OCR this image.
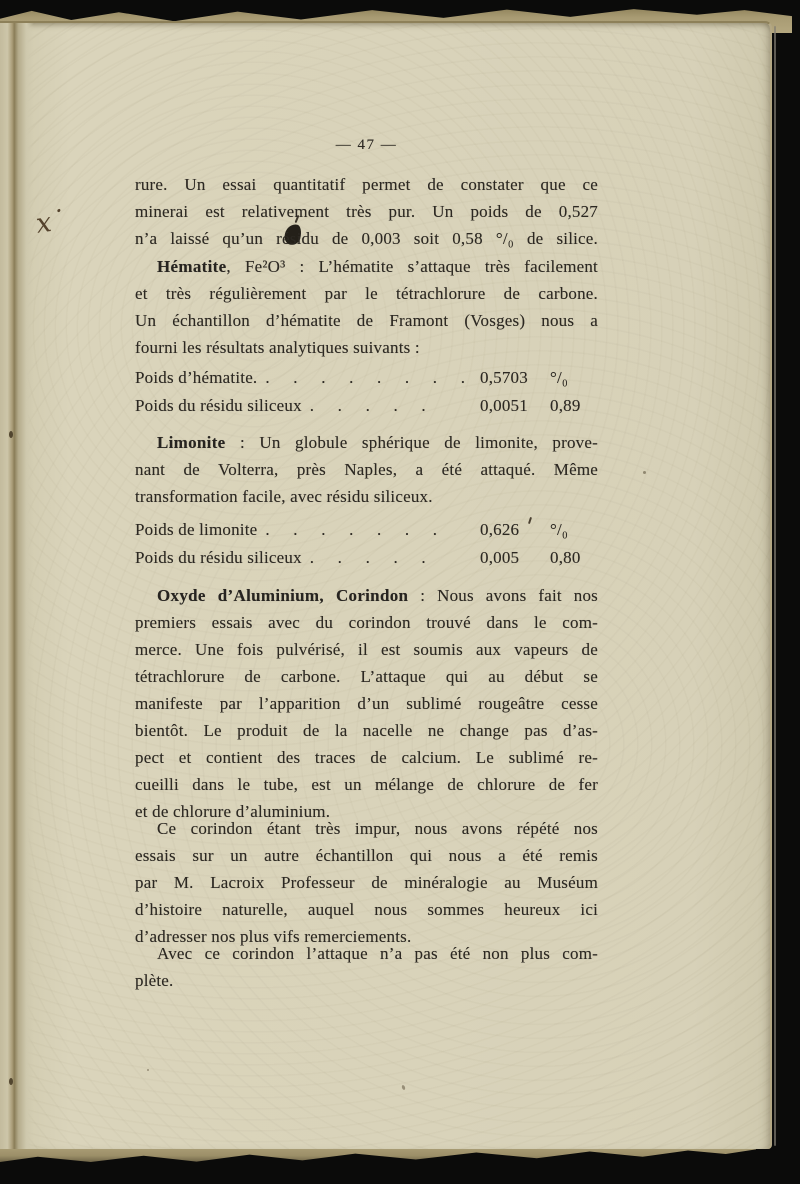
x˙
— 47 —
rure. Un essai quantitatif permet de constater que ce
minerai est relativement très pur. Un poids de 0,527
n’a laissé qu’un résidu de 0,003 soit 0,58 °/₀ de silice.
Hématite, Fe²O³ : L’hématite s’attaque très facilement
et très régulièrement par le tétrachlorure de carbone.
Un échantillon d’hématite de Framont (Vosges) nous a
fourni les résultats analytiques suivants :
Poids d’hématite. . . . . . . . . 0,5703	°/₀
Poids du résidu siliceux . . . . .	0,0051	0,89
Limonite : Un globule sphérique de limonite, prove-
nant de Volterra, près Naples, a été attaqué. Même
transformation facile, avec résidu siliceux.
Poids de limonite . . . . . . .	0,626	°/₀
Poids du résidu siliceux . . . . .	0,005	0,80
Oxyde d’Aluminium, Corindon : Nous avons fait nos
premiers essais avec du corindon trouvé dans le com-
merce. Une fois pulvérisé, il est soumis aux vapeurs de
tétrachlorure de carbone. L’attaque qui au début se
manifeste par l’apparition d’un sublimé rougeâtre cesse
bientôt. Le produit de la nacelle ne change pas d’as-
pect et contient des traces de calcium. Le sublimé re-
cueilli dans le tube, est un mélange de chlorure de fer
et de chlorure d’aluminium.
Ce corindon étant très impur, nous avons répété nos
essais sur un autre échantillon qui nous a été remis
par M. Lacroix Professeur de minéralogie au Muséum
d’histoire naturelle, auquel nous sommes heureux ici
d’adresser nos plus vifs remerciements.
Avec ce corindon l’attaque n’a pas été non plus com-
plète.
